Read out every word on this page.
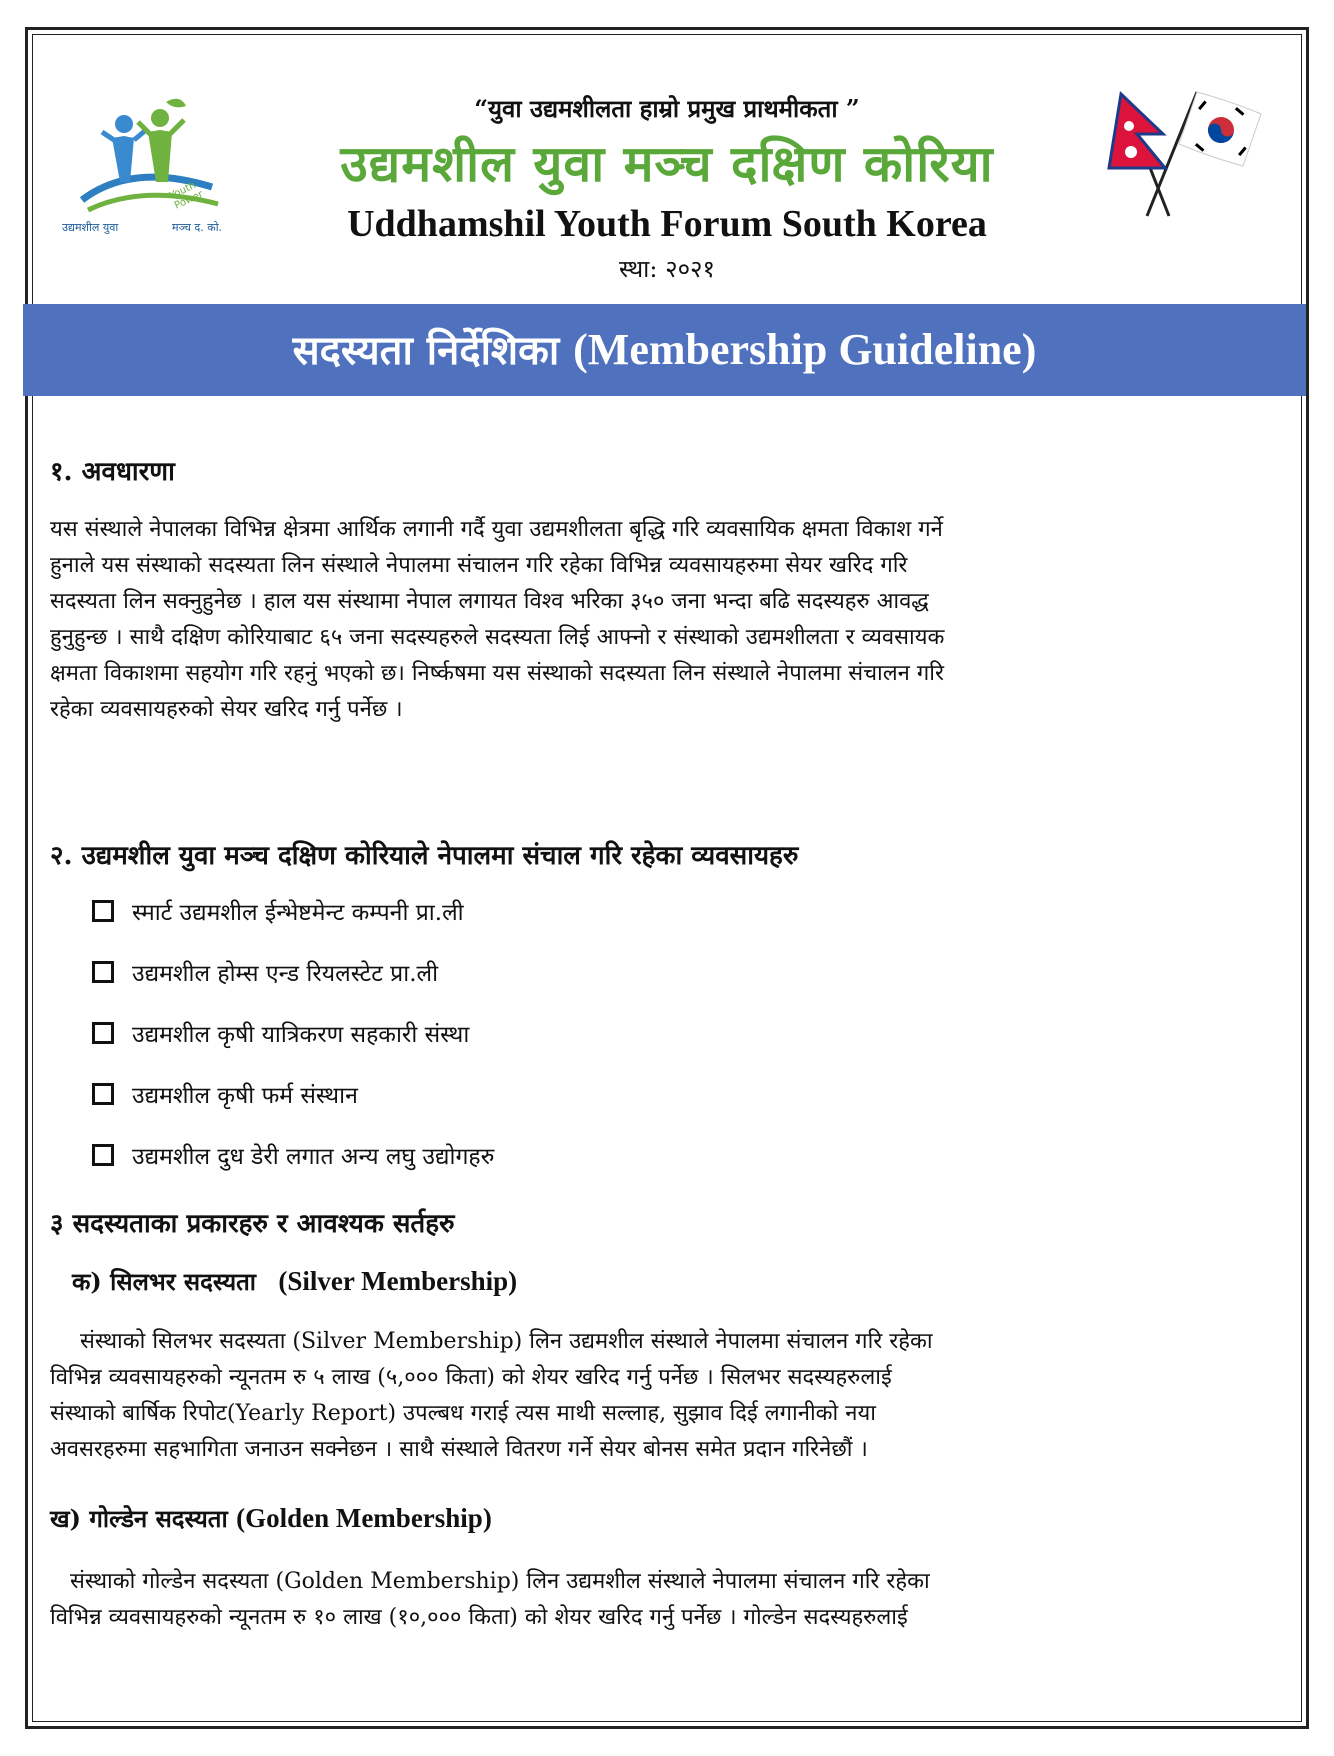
उद्यमशील युवा	मञ्च द. को.
Youth Power
“युवा उद्यमशीलता हाम्रो प्रमुख प्राथमीकता ”
उद्यमशील युवा मञ्च दक्षिण कोरिया
Uddhamshil Youth Forum South Korea
स्था: २०२१
सदस्यता निर्देशिका (Membership Guideline)
१. अवधारणा
यस संस्थाले नेपालका विभिन्न क्षेत्रमा आर्थिक लगानी गर्दै युवा उद्यमशीलता बृद्धि गरि व्यवसायिक क्षमता विकाश गर्ने
हुनाले यस संस्थाको सदस्यता लिन संस्थाले नेपालमा संचालन गरि रहेका विभिन्न व्यवसायहरुमा सेयर खरिद गरि
सदस्यता लिन सक्नुहुनेछ । हाल यस संस्थामा नेपाल लगायत विश्व भरिका ३५० जना भन्दा बढि सदस्यहरु आवद्ध
हुनुहुन्छ । साथै दक्षिण कोरियाबाट ६५ जना सदस्यहरुले सदस्यता लिई आफ्नो र संस्थाको उद्यमशीलता र व्यवसायक
क्षमता विकाशमा सहयोग गरि रहनुं भएको छ। निर्ष्कषमा यस संस्थाको सदस्यता लिन संस्थाले नेपालमा संचालन गरि
रहेका व्यवसायहरुको सेयर खरिद गर्नु पर्नेछ ।
२. उद्यमशील युवा मञ्च दक्षिण कोरियाले नेपालमा संचाल गरि रहेका व्यवसायहरु
स्मार्ट उद्यमशील ईन्भेष्टमेन्ट कम्पनी प्रा.ली
उद्यमशील होम्स एन्ड रियलस्टेट प्रा.ली
उद्यमशील कृषी यात्रिकरण सहकारी संस्था
उद्यमशील कृषी फर्म संस्थान
उद्यमशील दुध डेरी लगात अन्य लघु उद्योगहरु
३ सदस्यताका प्रकारहरु र आवश्यक सर्तहरु
क) सिलभर सदस्यता (Silver Membership)
संस्थाको सिलभर सदस्यता (Silver Membership) लिन उद्यमशील संस्थाले नेपालमा संचालन गरि रहेका
विभिन्न व्यवसायहरुको न्यूनतम रु ५ लाख (५,००० किता) को शेयर खरिद गर्नु पर्नेछ । सिलभर सदस्यहरुलाई
संस्थाको बार्षिक रिपोट(Yearly Report) उपल्बध गराई त्यस माथी सल्लाह, सुझाव दिई लगानीको नया
अवसरहरुमा सहभागिता जनाउन सक्नेछन । साथै संस्थाले वितरण गर्ने सेयर बोनस समेत प्रदान गरिनेछौं ।
ख) गोल्डेन सदस्यता (Golden Membership)
संस्थाको गोल्डेन सदस्यता (Golden Membership) लिन उद्यमशील संस्थाले नेपालमा संचालन गरि रहेका
विभिन्न व्यवसायहरुको न्यूनतम रु १० लाख (१०,००० किता) को शेयर खरिद गर्नु पर्नेछ । गोल्डेन सदस्यहरुलाई
